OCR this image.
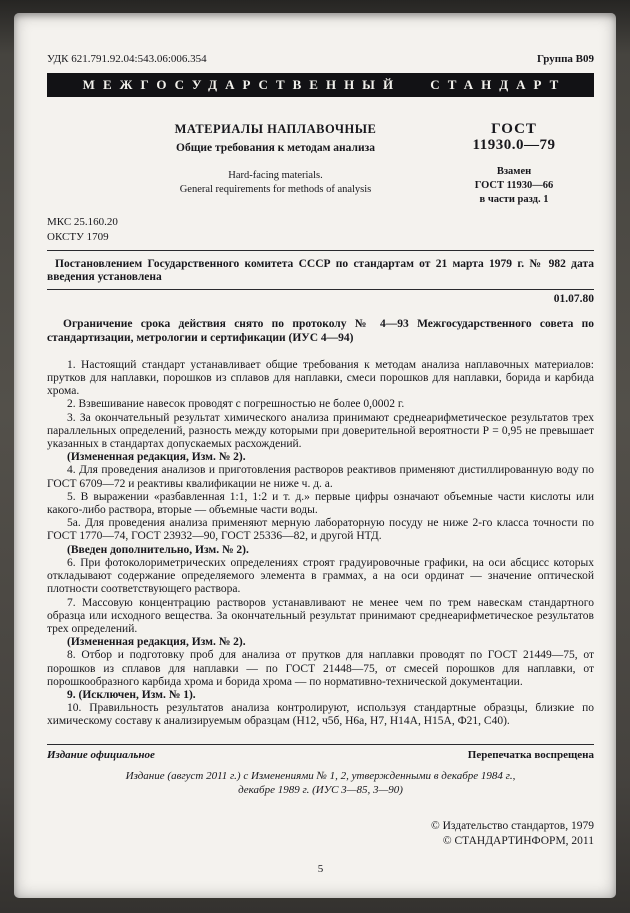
УДК 621.791.92.04:543.06:006.354	Группа В09
МЕЖГОСУДАРСТВЕННЫЙ СТАНДАРТ
МАТЕРИАЛЫ НАПЛАВОЧНЫЕ
Общие требования к методам анализа
Hard-facing materials.
General requirements for methods of analysis
ГОСТ
11930.0—79
Взамен
ГОСТ 11930—66
в части разд. 1
МКС 25.160.20
ОКСТУ 1709

Постановлением Государственного комитета СССР по стандартам от 21 марта 1979 г. № 982 дата введения установлена

01.07.80

Ограничение срока действия снято по протоколу № 4—93 Межгосударственного совета по стандартизации, метрологии и сертификации (ИУС 4—94)

1. Настоящий стандарт устанавливает общие требования к методам анализа наплавочных материалов: прутков для наплавки, порошков из сплавов для наплавки, смеси порошков для наплавки, борида и карбида хрома.

2. Взвешивание навесок проводят с погрешностью не более 0,0002 г.

3. За окончательный результат химического анализа принимают среднеарифметическое результатов трех параллельных определений, разность между которыми при доверительной вероятности Р = 0,95 не превышает указанных в стандартах допускаемых расхождений.

(Измененная редакция, Изм. № 2).

4. Для проведения анализов и приготовления растворов реактивов применяют дистиллированную воду по ГОСТ 6709—72 и реактивы квалификации не ниже ч. д. а.

5. В выражении «разбавленная 1:1, 1:2 и т. д.» первые цифры означают объемные части кислоты или какого-либо раствора, вторые — объемные части воды.

5а. Для проведения анализа применяют мерную лабораторную посуду не ниже 2-го класса точности по ГОСТ 1770—74, ГОСТ 23932—90, ГОСТ 25336—82, и другой НТД.

(Введен дополнительно, Изм. № 2).

6. При фотоколориметрических определениях строят градуировочные графики, на оси абсцисс которых откладывают содержание определяемого элемента в граммах, а на оси ординат — значение оптической плотности соответствующего раствора.

7. Массовую концентрацию растворов устанавливают не менее чем по трем навескам стандартного образца или исходного вещества. За окончательный результат принимают среднеарифметическое результатов трех определений.

(Измененная редакция, Изм. № 2).

8. Отбор и подготовку проб для анализа от прутков для наплавки проводят по ГОСТ 21449—75, от порошков из сплавов для наплавки — по ГОСТ 21448—75, от смесей порошков для наплавки, от порошкообразного карбида хрома и борида хрома — по нормативно-технической документации.

9. (Исключен, Изм. № 1).

10. Правильность результатов анализа контролируют, используя стандартные образцы, близкие по химическому составу к анализируемым образцам (Н12, ч5б, Н6а, Н7, Н14А, Н15А, Ф21, С40).

Издание официальное	Перепечатка воспрещена
Издание (август 2011 г.) с Изменениями № 1, 2, утвержденными в декабре 1984 г.,
декабре 1989 г. (ИУС 3—85, 3—90)
© Издательство стандартов, 1979
© СТАНДАРТИНФОРМ, 2011
5
